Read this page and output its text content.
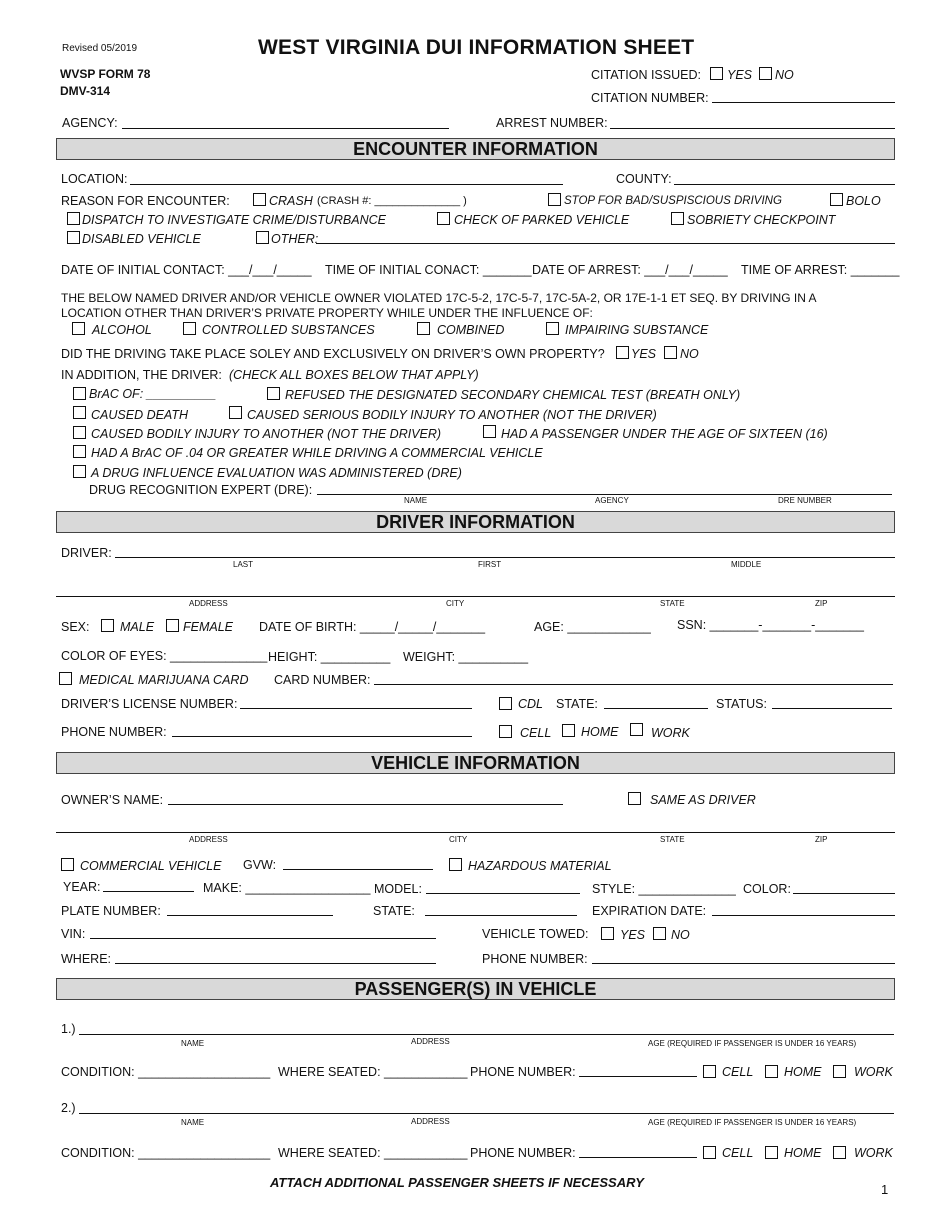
Revised 05/2019	WEST VIRGINIA DUI INFORMATION SHEET
WVSP FORM 78
DMV-314
CITATION ISSUED: YES NO
CITATION NUMBER:
AGENCY:	ARREST NUMBER:
ENCOUNTER INFORMATION
LOCATION:	COUNTY:
REASON FOR ENCOUNTER:	CRASH (CRASH #: ______________ )	STOP FOR BAD/SUSPISCIOUS DRIVING	BOLO
DISPATCH TO INVESTIGATE CRIME/DISTURBANCE	CHECK OF PARKED VEHICLE	SOBRIETY CHECKPOINT
DISABLED VEHICLE	OTHER:
DATE OF INITIAL CONTACT: ___/___/_____ TIME OF INITIAL CONACT: _______ DATE OF ARREST: ___/___/_____ TIME OF ARREST: _______
THE BELOW NAMED DRIVER AND/OR VEHICLE OWNER VIOLATED 17C-5-2, 17C-5-7, 17C-5A-2, OR 17E-1-1 ET SEQ. BY DRIVING IN A
LOCATION OTHER THAN DRIVER’S PRIVATE PROPERTY WHILE UNDER THE INFLUENCE OF:
ALCOHOL	CONTROLLED SUBSTANCES	COMBINED	IMPAIRING SUBSTANCE
DID THE DRIVING TAKE PLACE SOLEY AND EXCLUSIVELY ON DRIVER’S OWN PROPERTY? YES NO
IN ADDITION, THE DRIVER: (CHECK ALL BOXES BELOW THAT APPLY)
BrAC OF: __________	REFUSED THE DESIGNATED SECONDARY CHEMICAL TEST (BREATH ONLY)
CAUSED DEATH	CAUSED SERIOUS BODILY INJURY TO ANOTHER (NOT THE DRIVER)
CAUSED BODILY INJURY TO ANOTHER (NOT THE DRIVER)	HAD A PASSENGER UNDER THE AGE OF SIXTEEN (16)
HAD A BrAC OF .04 OR GREATER WHILE DRIVING A COMMERCIAL VEHICLE
A DRUG INFLUENCE EVALUATION WAS ADMINISTERED (DRE)
DRUG RECOGNITION EXPERT (DRE):
NAME	AGENCY	DRE NUMBER
DRIVER INFORMATION
DRIVER:
LAST	FIRST	MIDDLE
ADDRESS	CITY	STATE	ZIP
SEX: MALE FEMALE DATE OF BIRTH: _____/_____/_______	AGE: ____________ SSN: _______-_______-_______
COLOR OF EYES: ______________ HEIGHT: __________ WEIGHT: __________
MEDICAL MARIJUANA CARD CARD NUMBER:
DRIVER’S LICENSE NUMBER:	CDL STATE:	STATUS:
PHONE NUMBER:	CELL HOME	WORK
VEHICLE INFORMATION
OWNER’S NAME:	SAME AS DRIVER
ADDRESS	CITY	STATE	ZIP
COMMERCIAL VEHICLE GVW:	HAZARDOUS MATERIAL
YEAR:	MAKE: __________________ MODEL:	STYLE: ______________ COLOR:
PLATE NUMBER:	STATE:	EXPIRATION DATE:
VIN:	VEHICLE TOWED:	YES NO
WHERE:	PHONE NUMBER:
PASSENGER(S) IN VEHICLE
1.)
NAME	ADDRESS	AGE (REQUIRED IF PASSENGER IS UNDER 16 YEARS)
CONDITION: ___________________ WHERE SEATED: ____________ PHONE NUMBER:	CELL HOME	WORK
2.)
NAME	ADDRESS	AGE (REQUIRED IF PASSENGER IS UNDER 16 YEARS)
CONDITION: ___________________ WHERE SEATED: ____________ PHONE NUMBER:	CELL HOME	WORK
ATTACH ADDITIONAL PASSENGER SHEETS IF NECESSARY	1
